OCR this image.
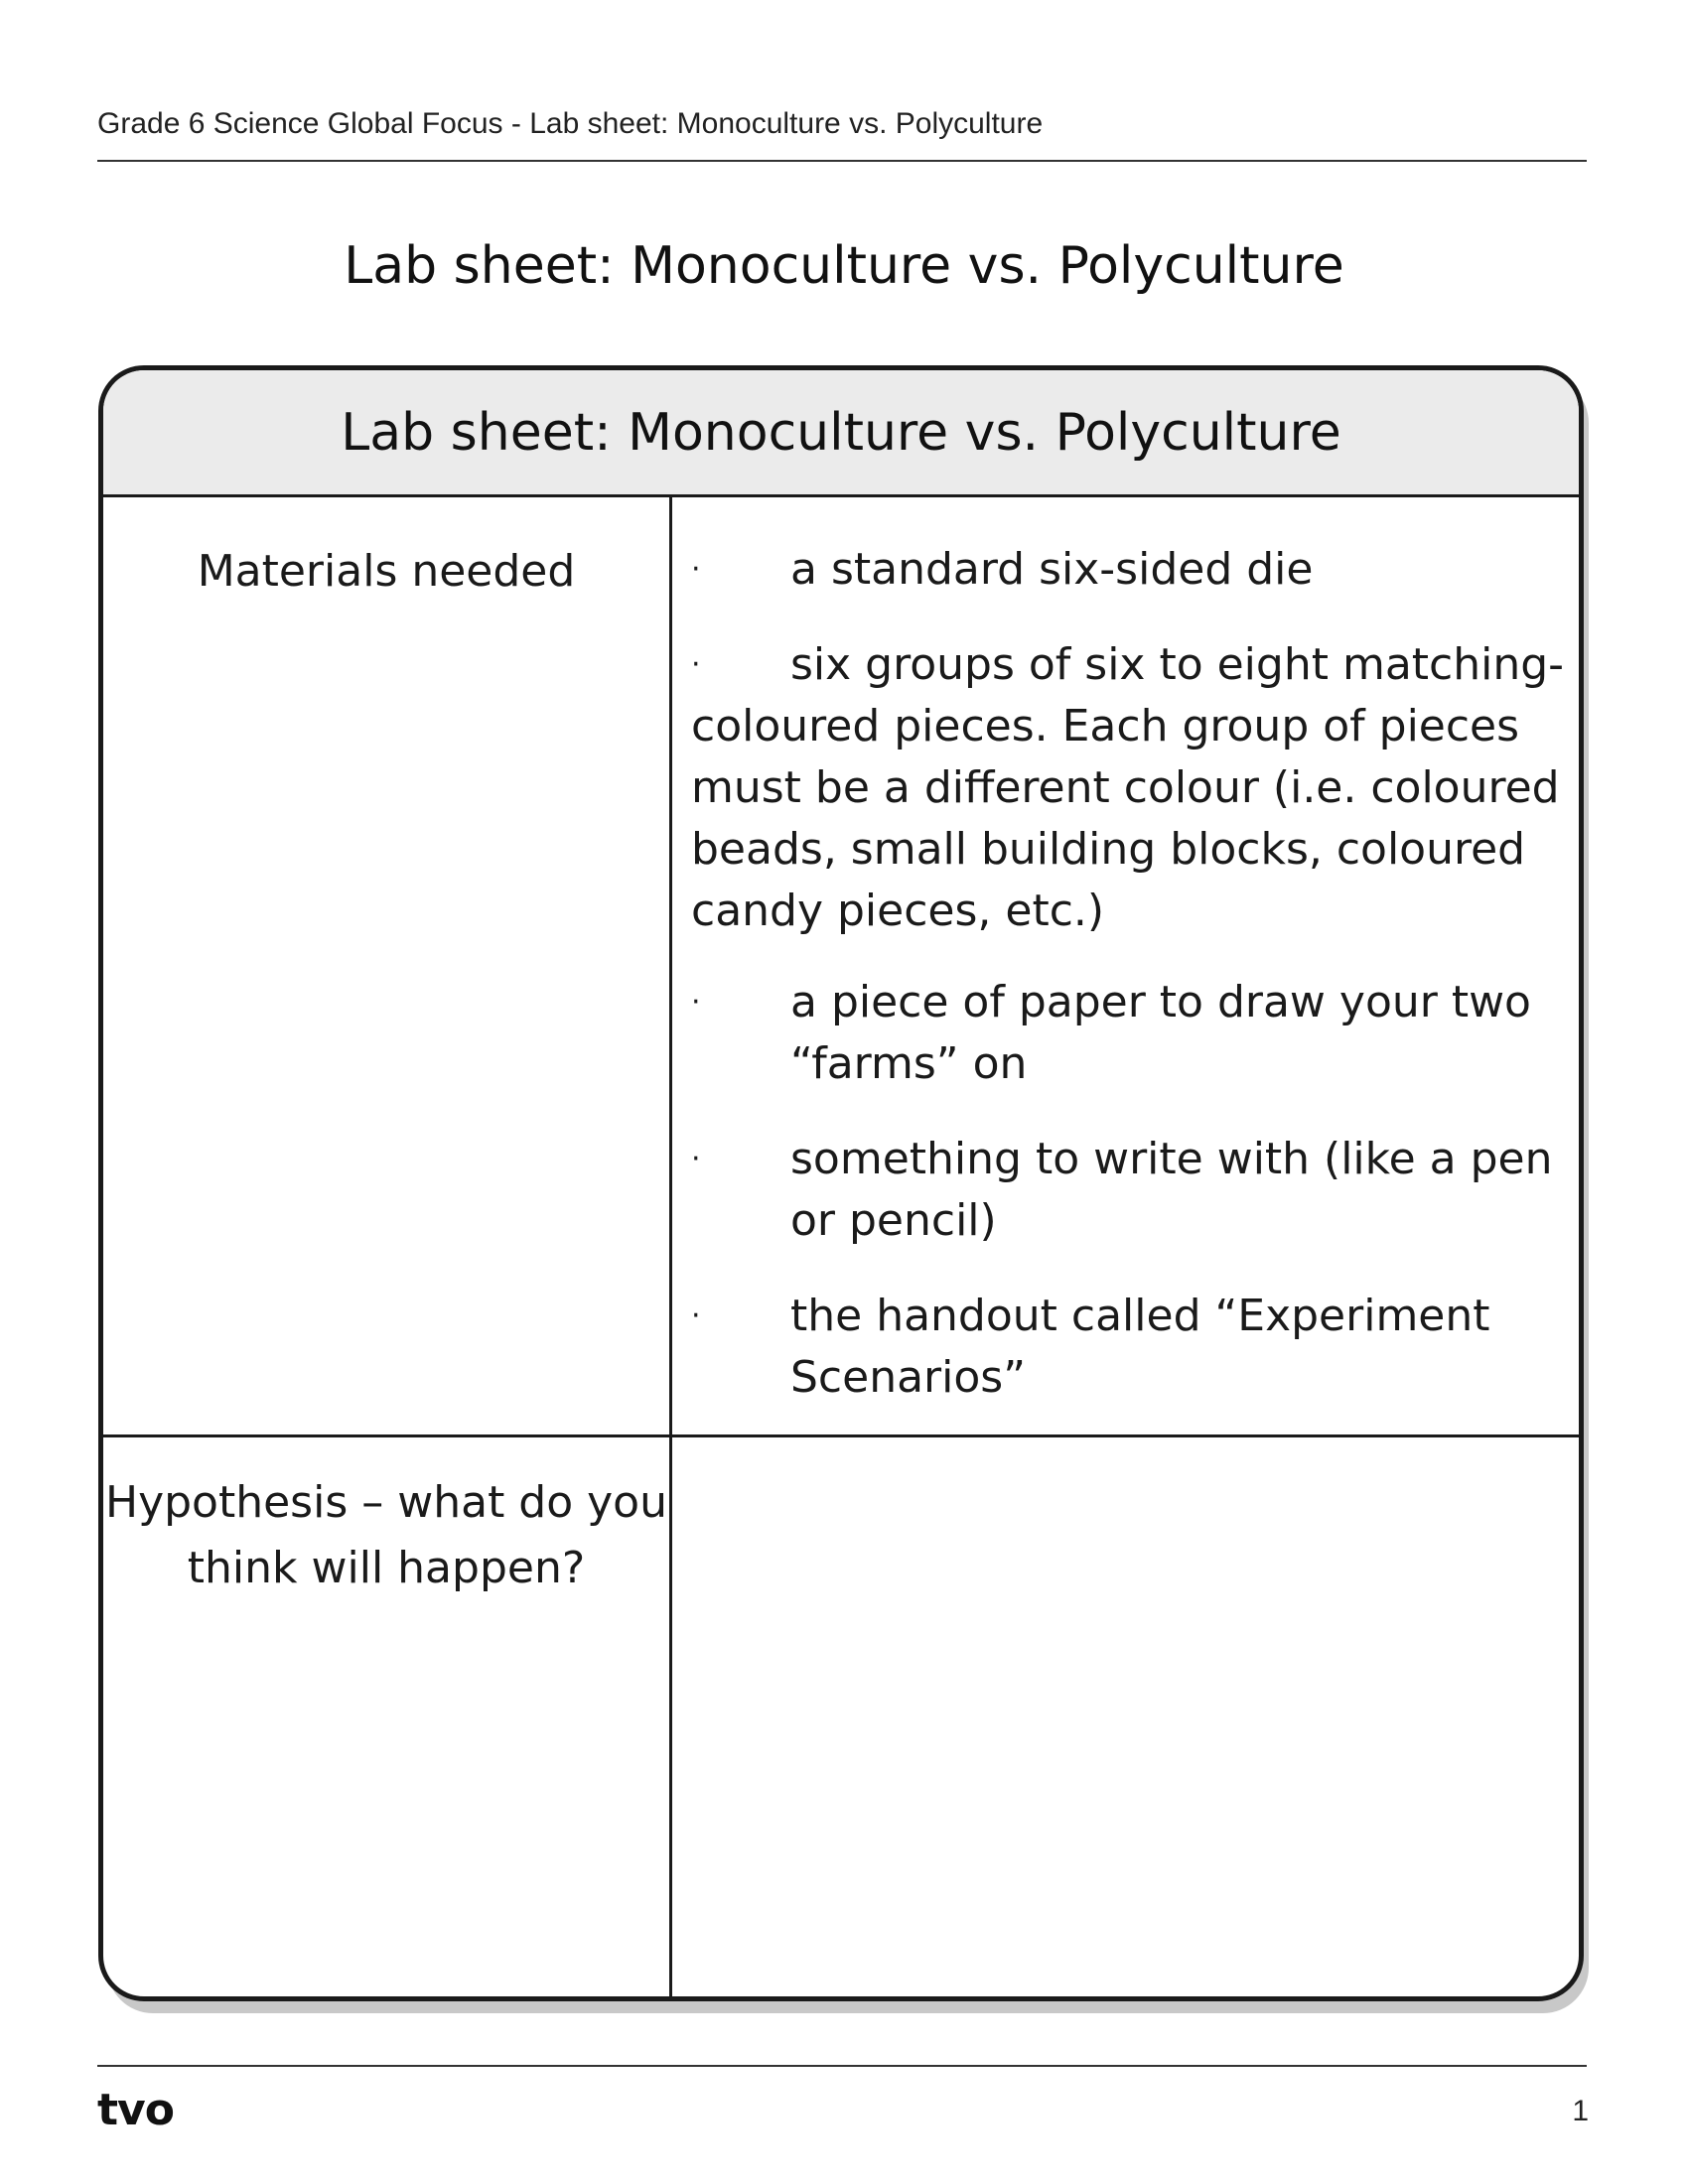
Grade 6 Science Global Focus - Lab sheet: Monoculture vs. Polyculture
Lab sheet: Monoculture vs. Polyculture
Lab sheet: Monoculture vs. Polyculture
Materials needed	·	a standard six-sided die
·	six groups of six to eight matching-coloured pieces. Each group of pieces must be a different colour (i.e. coloured beads, small building blocks, coloured candy pieces, etc.)
·	a piece of paper to draw your two “farms” on
·	something to write with (like a pen or pencil)
·	the handout called “Experiment Scenarios”
Hypothesis – what do you think will happen?
tvo	1
